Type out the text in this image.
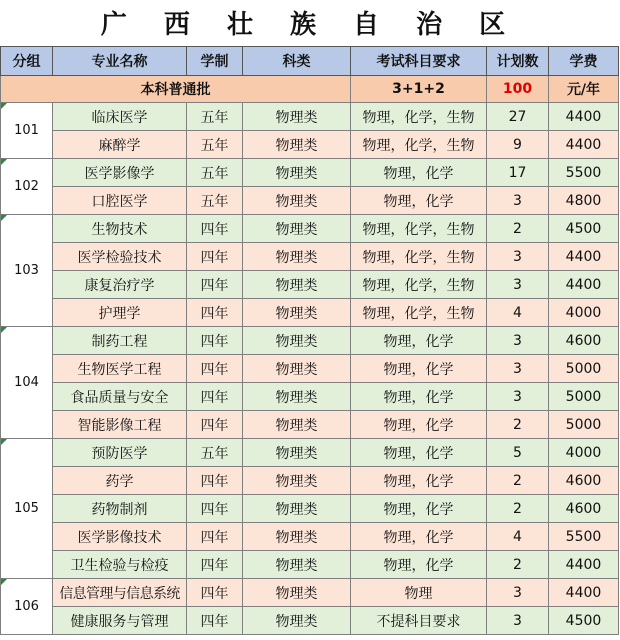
广 西 壮 族 自 治 区
分组	专业名称	学制	科类	考试科目要求	计划数	学费
本科普通批				3+1+2	100	元/年
101	临床医学	五年	物理类	物理，化学，生物	27	4400
	麻醉学	五年	物理类	物理，化学，生物	9	4400
102	医学影像学	五年	物理类	物理，化学	17	5500
	口腔医学	五年	物理类	物理，化学	3	4800
103	生物技术	四年	物理类	物理，化学，生物	2	4500
	医学检验技术	四年	物理类	物理，化学，生物	3	4400
	康复治疗学	四年	物理类	物理，化学，生物	3	4400
	护理学	四年	物理类	物理，化学，生物	4	4000
104	制药工程	四年	物理类	物理，化学	3	4600
	生物医学工程	四年	物理类	物理，化学	3	5000
	食品质量与安全	四年	物理类	物理，化学	3	5000
	智能影像工程	四年	物理类	物理，化学	2	5000
105	预防医学	五年	物理类	物理，化学	5	4000
	药学	四年	物理类	物理，化学	2	4600
	药物制剂	四年	物理类	物理，化学	2	4600
	医学影像技术	四年	物理类	物理，化学	4	5500
	卫生检验与检疫	四年	物理类	物理，化学	2	4400
106	信息管理与信息系统	四年	物理类	物理	3	4400
	健康服务与管理	四年	物理类	不提科目要求	3	4500
